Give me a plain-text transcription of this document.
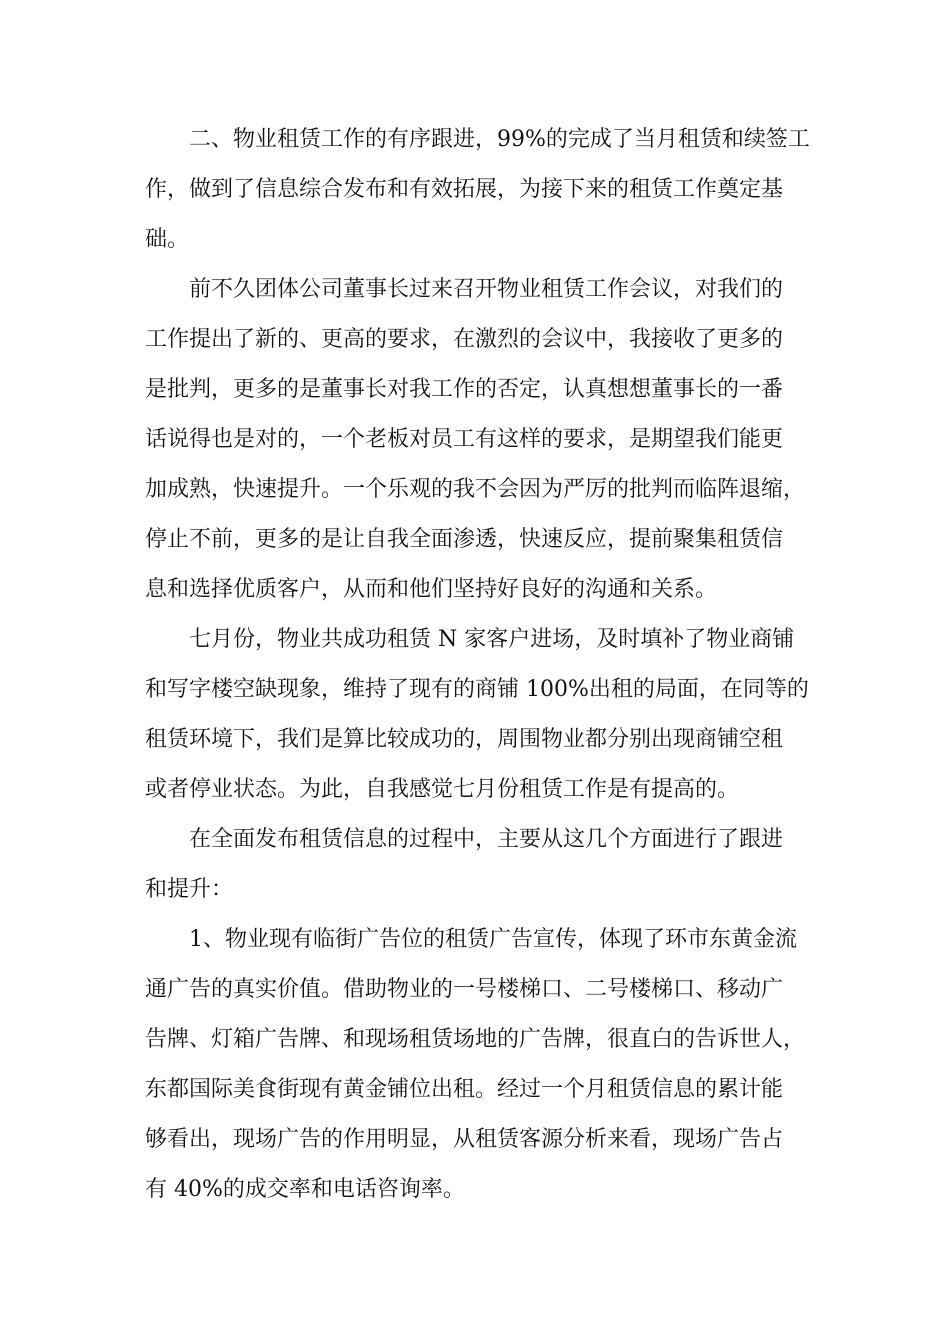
　　二、物业租赁工作的有序跟进，99%的完成了当月租赁和续签工
作，做到了信息综合发布和有效拓展，为接下来的租赁工作奠定基
础。
　　前不久团体公司董事长过来召开物业租赁工作会议，对我们的
工作提出了新的、更高的要求，在激烈的会议中，我接收了更多的
是批判，更多的是董事长对我工作的否定，认真想想董事长的一番
话说得也是对的，一个老板对员工有这样的要求，是期望我们能更
加成熟，快速提升。一个乐观的我不会因为严厉的批判而临阵退缩，
停止不前，更多的是让自我全面渗透，快速反应，提前聚集租赁信
息和选择优质客户，从而和他们坚持好良好的沟通和关系。
　　七月份，物业共成功租赁 N 家客户进场，及时填补了物业商铺
和写字楼空缺现象，维持了现有的商铺 100%出租的局面，在同等的
租赁环境下，我们是算比较成功的，周围物业都分别出现商铺空租
或者停业状态。为此，自我感觉七月份租赁工作是有提高的。
　　在全面发布租赁信息的过程中，主要从这几个方面进行了跟进
和提升：
　　1、物业现有临街广告位的租赁广告宣传，体现了环市东黄金流
通广告的真实价值。借助物业的一号楼梯口、二号楼梯口、移动广
告牌、灯箱广告牌、和现场租赁场地的广告牌，很直白的告诉世人，
东都国际美食街现有黄金铺位出租。经过一个月租赁信息的累计能
够看出，现场广告的作用明显，从租赁客源分析来看，现场广告占
有 40%的成交率和电话咨询率。
